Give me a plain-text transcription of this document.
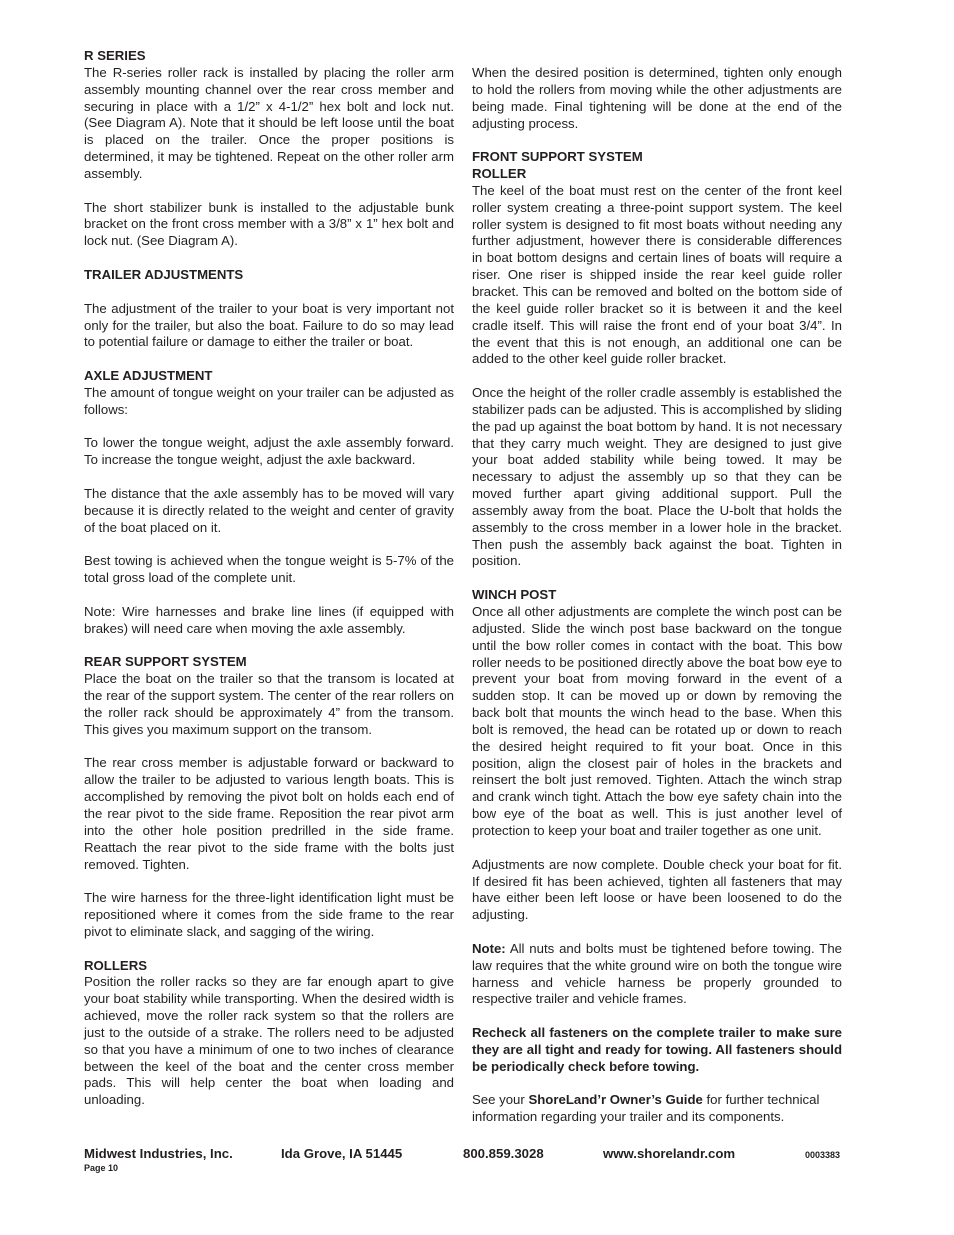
R SERIES

The R-series roller rack is installed by placing the roller arm assembly mounting channel over the rear cross member and securing in place with a 1/2” x 4-1/2” hex bolt and lock nut. (See Diagram A). Note that it should be left loose until the boat is placed on the trailer. Once the proper positions is determined, it may be tightened. Repeat on the other roller arm assembly.

The short stabilizer bunk is installed to the adjustable bunk bracket on the front cross member with a 3/8” x 1” hex bolt and lock nut. (See Diagram A).

TRAILER ADJUSTMENTS

The adjustment of the trailer to your boat is very important not only for the trailer, but also the boat. Failure to do so may lead to potential failure or damage to either the trailer or boat.

AXLE ADJUSTMENT

The amount of tongue weight on your trailer can be adjusted as follows:

To lower the tongue weight, adjust the axle assembly forward. To increase the tongue weight, adjust the axle backward.

The distance that the axle assembly has to be moved will vary because it is directly related to the weight and center of gravity of the boat placed on it.

Best towing is achieved when the tongue weight is 5-7% of the total gross load of the complete unit.

Note: Wire harnesses and brake line lines (if equipped with brakes) will need care when moving the axle assembly.

REAR SUPPORT SYSTEM

Place the boat on the trailer so that the transom is located at the rear of the support system. The center of the rear rollers on the roller rack should be approximately 4” from the transom. This gives you maximum support on the transom.

The rear cross member is adjustable forward or backward to allow the trailer to be adjusted to various length boats. This is accomplished by removing the pivot bolt on holds each end of the rear pivot to the side frame. Reposition the rear pivot arm into the other hole position predrilled in the side frame. Reattach the rear pivot to the side frame with the bolts just removed. Tighten.

The wire harness for the three-light identification light must be repositioned where it comes from the side frame to the rear pivot to eliminate slack, and sagging of the wiring.

ROLLERS

Position the roller racks so they are far enough apart to give your boat stability while transporting. When the desired width is achieved, move the roller rack system so that the rollers are just to the outside of a strake. The rollers need to be adjusted so that you have a minimum of one to two inches of clearance between the keel of the boat and the center cross member pads. This will help center the boat when loading and unloading.

When the desired position is determined, tighten only enough to hold the rollers from moving while the other adjustments are being made. Final tightening will be done at the end of the adjusting process.

FRONT SUPPORT SYSTEM
ROLLER

The keel of the boat must rest on the center of the front keel roller system creating a three-point support system. The keel roller system is designed to fit most boats without needing any further adjustment, however there is considerable differences in boat bottom designs and certain lines of boats will require a riser. One riser is shipped inside the rear keel guide roller bracket. This can be removed and bolted on the bottom side of the keel guide roller bracket so it is between it and the keel cradle itself. This will raise the front end of your boat 3/4”. In the event that this is not enough, an additional one can be added to the other keel guide roller bracket.

Once the height of the roller cradle assembly is established the stabilizer pads can be adjusted. This is accomplished by sliding the pad up against the boat bottom by hand. It is not necessary that they carry much weight. They are designed to just give your boat added stability while being towed. It may be necessary to adjust the assembly up so that they can be moved further apart giving additional support. Pull the assembly away from the boat. Place the U-bolt that holds the assembly to the cross member in a lower hole in the bracket. Then push the assembly back against the boat. Tighten in position.

WINCH POST

Once all other adjustments are complete the winch post can be adjusted. Slide the winch post base backward on the tongue until the bow roller comes in contact with the boat. This bow roller needs to be positioned directly above the boat bow eye to prevent your boat from moving forward in the event of a sudden stop. It can be moved up or down by removing the back bolt that mounts the winch head to the base. When this bolt is removed, the head can be rotated up or down to reach the desired height required to fit your boat. Once in this position, align the closest pair of holes in the brackets and reinsert the bolt just removed. Tighten. Attach the winch strap and crank winch tight. Attach the bow eye safety chain into the bow eye of the boat as well. This is just another level of protection to keep your boat and trailer together as one unit.

Adjustments are now complete. Double check your boat for fit. If desired fit has been achieved, tighten all fasteners that may have either been left loose or have been loosened to do the adjusting.

Note: All nuts and bolts must be tightened before towing. The law requires that the white ground wire on both the tongue wire harness and vehicle harness be properly grounded to respective trailer and vehicle frames.

Recheck all fasteners on the complete trailer to make sure they are all tight and ready for towing. All fasteners should be periodically check before towing.

See your ShoreLand’r Owner’s Guide for further technical information regarding your trailer and its components.

Midwest Industries, Inc.	Ida Grove, IA 51445	800.859.3028	www.shorelandr.com	0003383
Page 10
